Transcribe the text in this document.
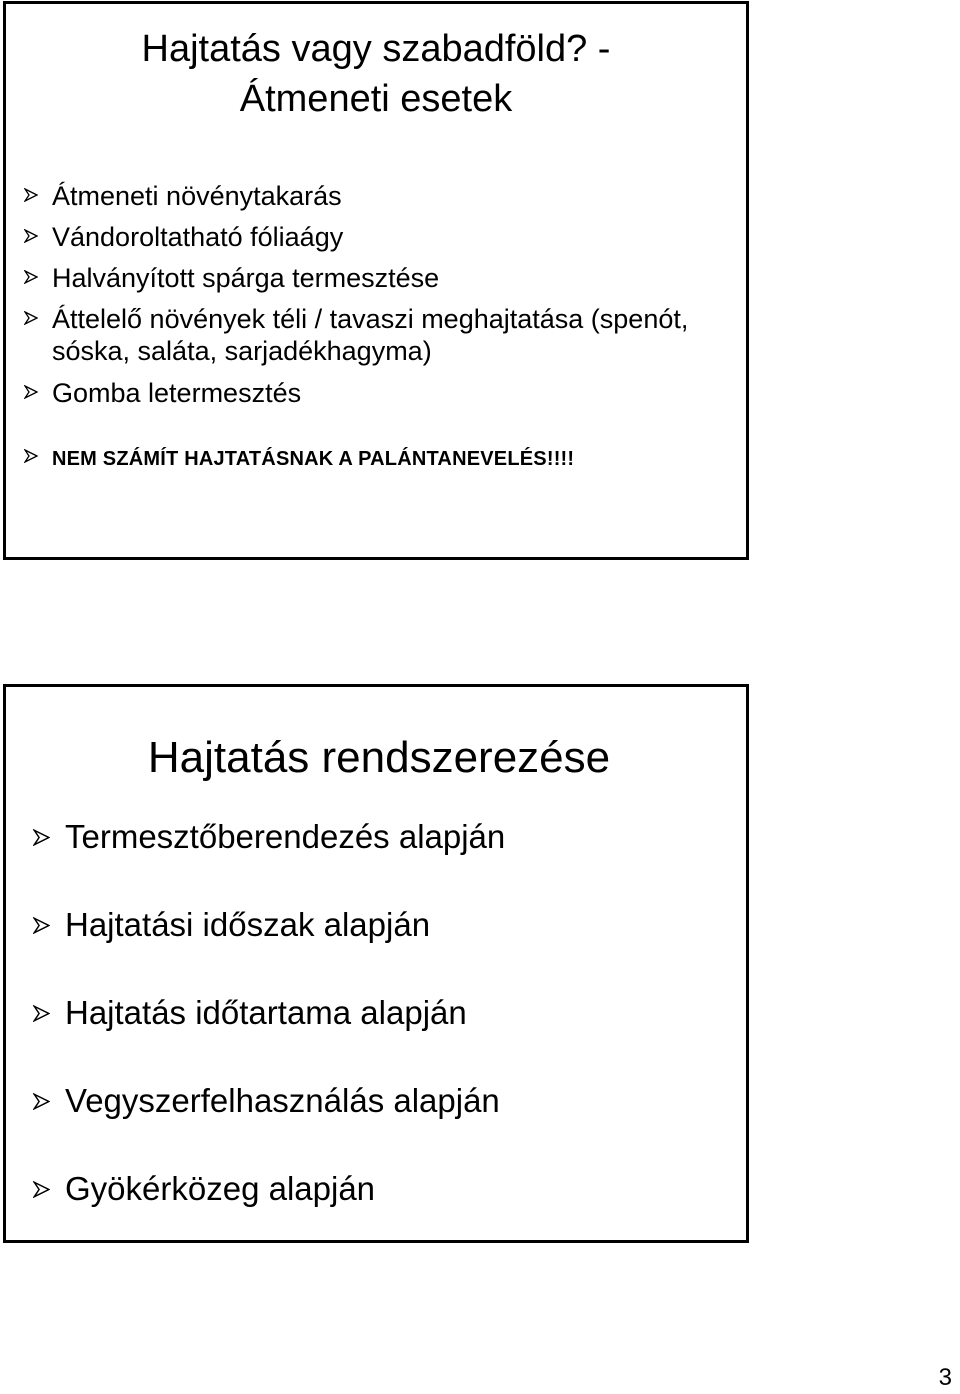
Hajtatás vagy szabadföld? -
Átmeneti esetek
Átmeneti növénytakarás
Vándoroltatható fóliaágy
Halványított spárga termesztése
Áttelelő növények téli / tavaszi meghajtatása (spenót, sóska, saláta, sarjadékhagyma)
Gomba letermesztés
NEM SZÁMÍT HAJTATÁSNAK A PALÁNTANEVELÉS!!!!
Hajtatás rendszerezése
Termesztőberendezés alapján
Hajtatási időszak alapján
Hajtatás időtartama alapján
Vegyszerfelhasználás alapján
Gyökérközeg alapján
3
